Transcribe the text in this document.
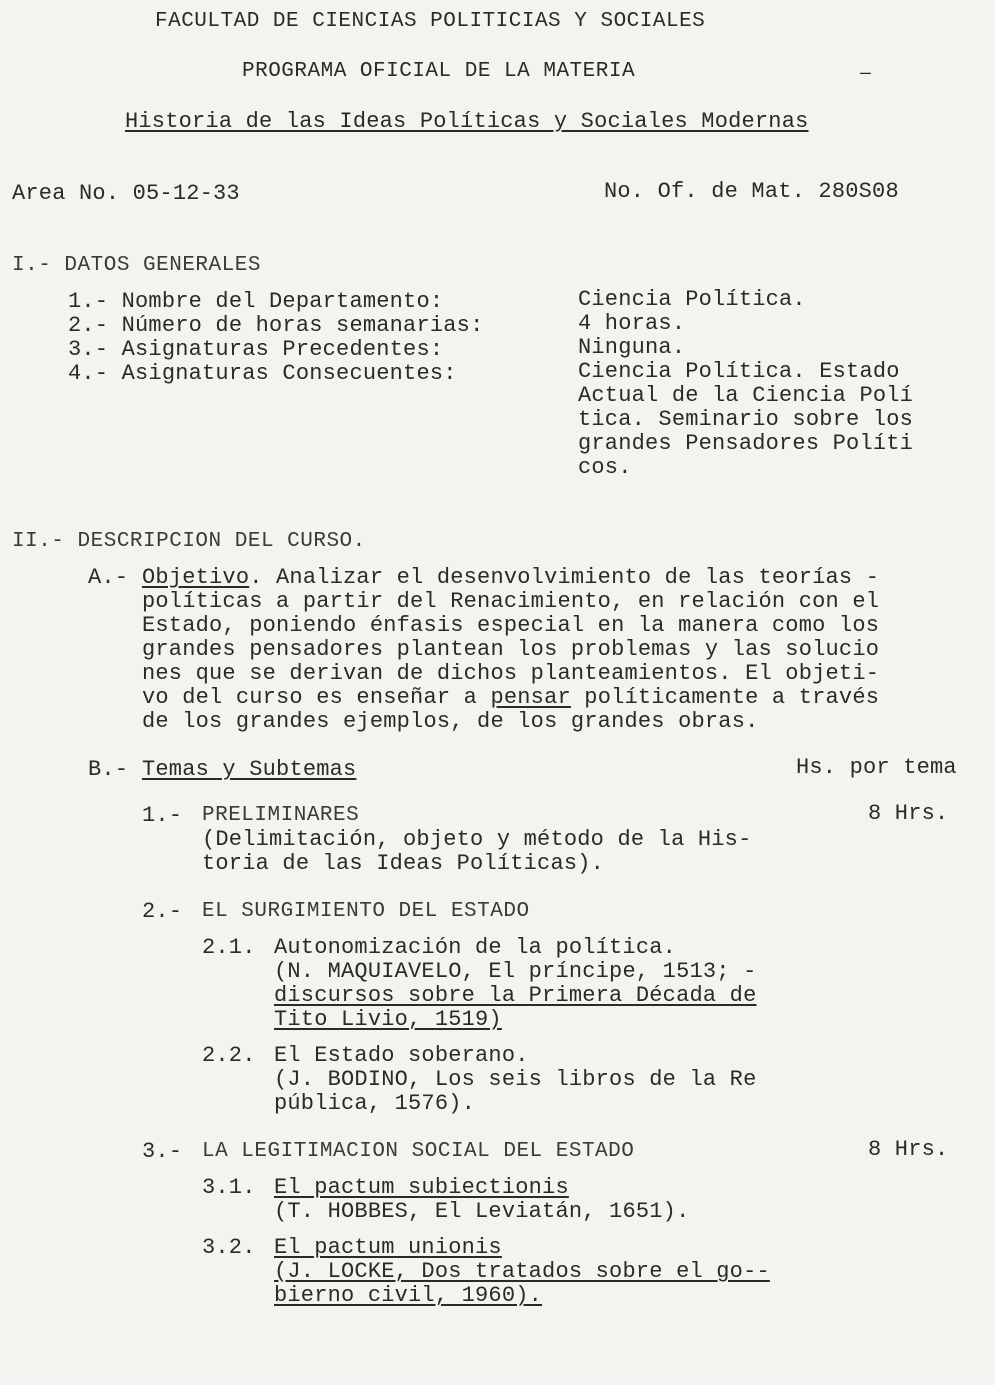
FACULTAD DE CIENCIAS POLITICIAS Y SOCIALES
PROGRAMA OFICIAL DE LA MATERIA	—
Historia de las Ideas Políticas y Sociales Modernas
Area No. 05-12-33	No. Of. de Mat. 280S08
I.- DATOS GENERALES
1.- Nombre del Departamento:	Ciencia Política.
2.- Número de horas semanarias:	4 horas.
3.- Asignaturas Precedentes:	Ninguna.
4.- Asignaturas Consecuentes:	Ciencia Política. Estado
Actual de la Ciencia Polí
tica. Seminario sobre los
grandes Pensadores Políti
cos.
II.- DESCRIPCION DEL CURSO.
A.- Objetivo. Analizar el desenvolvimiento de las teorías -
políticas a partir del Renacimiento, en relación con el
Estado, poniendo énfasis especial en la manera como los
grandes pensadores plantean los problemas y las solucio
nes que se derivan de dichos planteamientos. El objeti-
vo del curso es enseñar a pensar políticamente a través
de los grandes ejemplos, de los grandes obras.
B.- Temas y Subtemas	Hs. por tema
1.- PRELIMINARES	8 Hrs.
(Delimitación, objeto y método de la His-
toria de las Ideas Políticas).
2.- EL SURGIMIENTO DEL ESTADO
2.1. Autonomización de la política.
(N. MAQUIAVELO, El príncipe, 1513; -
discursos sobre la Primera Década de
Tito Livio, 1519)
2.2. El Estado soberano.
(J. BODINO, Los seis libros de la Re
pública, 1576).
3.- LA LEGITIMACION SOCIAL DEL ESTADO	8 Hrs.
3.1. El pactum subiectionis
(T. HOBBES, El Leviatán, 1651).
3.2. El pactum unionis
(J. LOCKE, Dos tratados sobre el go--
bierno civil, 1960).
